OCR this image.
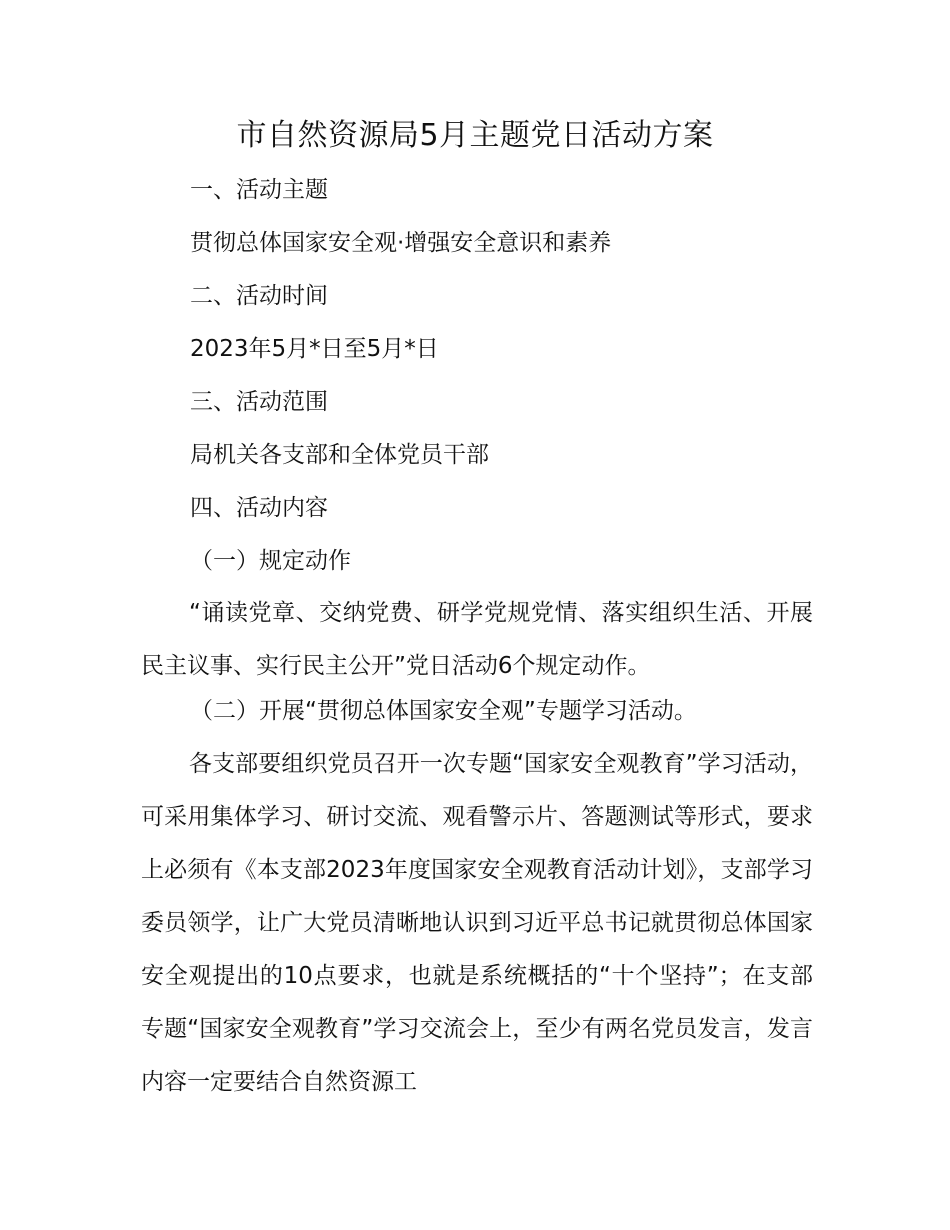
市自然资源局5月主题党日活动方案
一、活动主题
贯彻总体国家安全观·增强安全意识和素养
二、活动时间
2023年5月*日至5月*日
三、活动范围
局机关各支部和全体党员干部
四、活动内容
（一）规定动作
“诵读党章、交纳党费、研学党规党情、落实组织生活、开展民主议事、实行民主公开”党日活动6个规定动作。
（二）开展“贯彻总体国家安全观”专题学习活动。
各支部要组织党员召开一次专题“国家安全观教育”学习活动，可采用集体学习、研讨交流、观看警示片、答题测试等形式，要求上必须有《本支部2023年度国家安全观教育活动计划》，支部学习委员领学，让广大党员清晰地认识到习近平总书记就贯彻总体国家安全观提出的10点要求，也就是系统概括的“十个坚持”；在支部专题“国家安全观教育”学习交流会上，至少有两名党员发言，发言内容一定要结合自然资源工
